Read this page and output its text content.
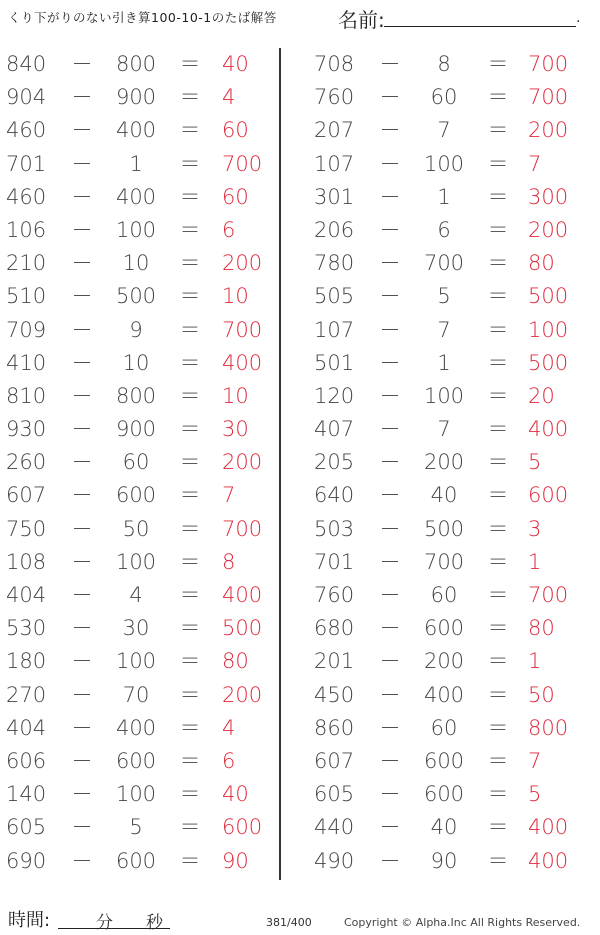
くり下がりのない引き算100-10-1のたば解答	名前:	.
840 －	800	＝ 40
904 －	900	＝ 4
460 －	400	＝ 60
701 －	1	＝ 700
460 －	400	＝ 60
106 －	100	＝ 6
210 －	10	＝ 200
510 －	500	＝ 10
709 －	9	＝ 700
410 －	10	＝ 400
810 －	800	＝ 10
930 －	900	＝ 30
260 －	60	＝ 200
607 －	600	＝ 7
750 －	50	＝ 700
108 －	100	＝ 8
404 －	4	＝ 400
530 －	30	＝ 500
180 －	100	＝ 80
270 －	70	＝ 200
404 －	400	＝ 4
606 －	600	＝ 6
140 －	100	＝ 40
605 －	5	＝ 600
690 －	600	＝ 90
708 －	8	＝ 700
760 －	60	＝ 700
207 －	7	＝ 200
107 －	100	＝ 7
301 －	1	＝ 300
206 －	6	＝ 200
780 －	700	＝ 80
505 －	5	＝ 500
107 －	7	＝ 100
501 －	1	＝ 500
120 －	100	＝ 20
407 －	7	＝ 400
205 －	200	＝ 5
640 －	40	＝ 600
503 －	500	＝ 3
701 －	700	＝ 1
760 －	60	＝ 700
680 －	600	＝ 80
201 －	200	＝ 1
450 －	400	＝ 50
860 －	60	＝ 800
607 －	600	＝ 7
605 －	600	＝ 5
440 －	40	＝ 400
490 －	90	＝ 400
時間:	分 秒	381/400	Copyright © Alpha.Inc All Rights Reserved.
